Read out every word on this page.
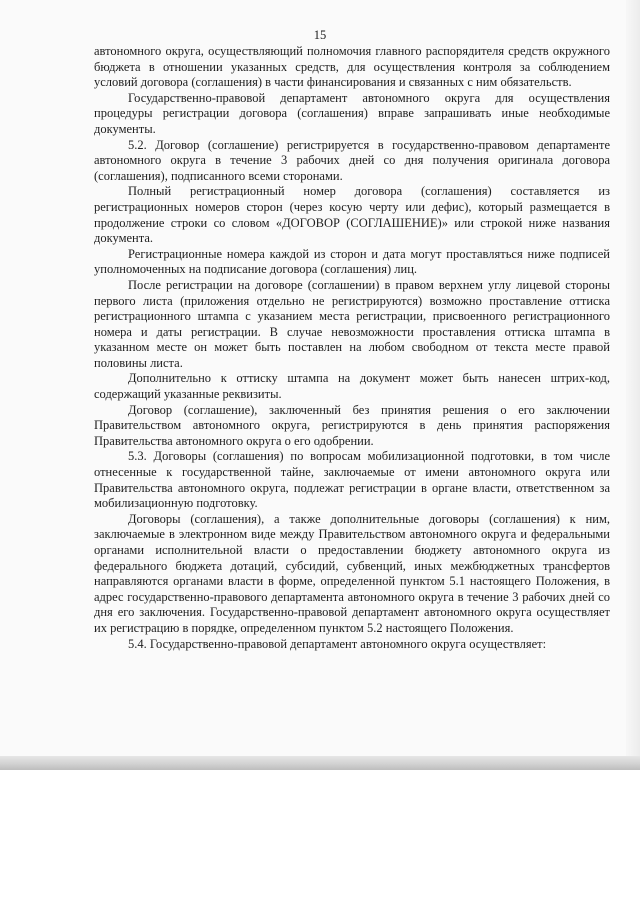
15

автономного округа, осуществляющий полномочия главного распорядителя средств окружного бюджета в отношении указанных средств, для осуществления контроля за соблюдением условий договора (соглашения) в части финансирования и связанных с ним обязательств.

Государственно-правовой департамент автономного округа для осуществления процедуры регистрации договора (соглашения) вправе запрашивать иные необходимые документы.

5.2. Договор (соглашение) регистрируется в государственно-правовом департаменте автономного округа в течение 3 рабочих дней со дня получения оригинала договора (соглашения), подписанного всеми сторонами.

Полный регистрационный номер договора (соглашения) составляется из регистрационных номеров сторон (через косую черту или дефис), который размещается в продолжение строки со словом «ДОГОВОР (СОГЛАШЕНИЕ)» или строкой ниже названия документа.

Регистрационные номера каждой из сторон и дата могут проставляться ниже подписей уполномоченных на подписание договора (соглашения) лиц.

После регистрации на договоре (соглашении) в правом верхнем углу лицевой стороны первого листа (приложения отдельно не регистрируются) возможно проставление оттиска регистрационного штампа с указанием места регистрации, присвоенного регистрационного номера и даты регистрации. В случае невозможности проставления оттиска штампа в указанном месте он может быть поставлен на любом свободном от текста месте правой половины листа.

Дополнительно к оттиску штампа на документ может быть нанесен штрих-код, содержащий указанные реквизиты.

Договор (соглашение), заключенный без принятия решения о его заключении Правительством автономного округа, регистрируются в день принятия распоряжения Правительства автономного округа о его одобрении.

5.3. Договоры (соглашения) по вопросам мобилизационной подготовки, в том числе отнесенные к государственной тайне, заключаемые от имени автономного округа или Правительства автономного округа, подлежат регистрации в органе власти, ответственном за мобилизационную подготовку.

Договоры (соглашения), а также дополнительные договоры (соглашения) к ним, заключаемые в электронном виде между Правительством автономного округа и федеральными органами исполнительной власти о предоставлении бюджету автономного округа из федерального бюджета дотаций, субсидий, субвенций, иных межбюджетных трансфертов направляются органами власти в форме, определенной пунктом 5.1 настоящего Положения, в адрес государственно-правового департамента автономного округа в течение 3 рабочих дней со дня его заключения. Государственно-правовой департамент автономного округа осуществляет их регистрацию в порядке, определенном пунктом 5.2 настоящего Положения.

5.4. Государственно-правовой департамент автономного округа осуществляет:
